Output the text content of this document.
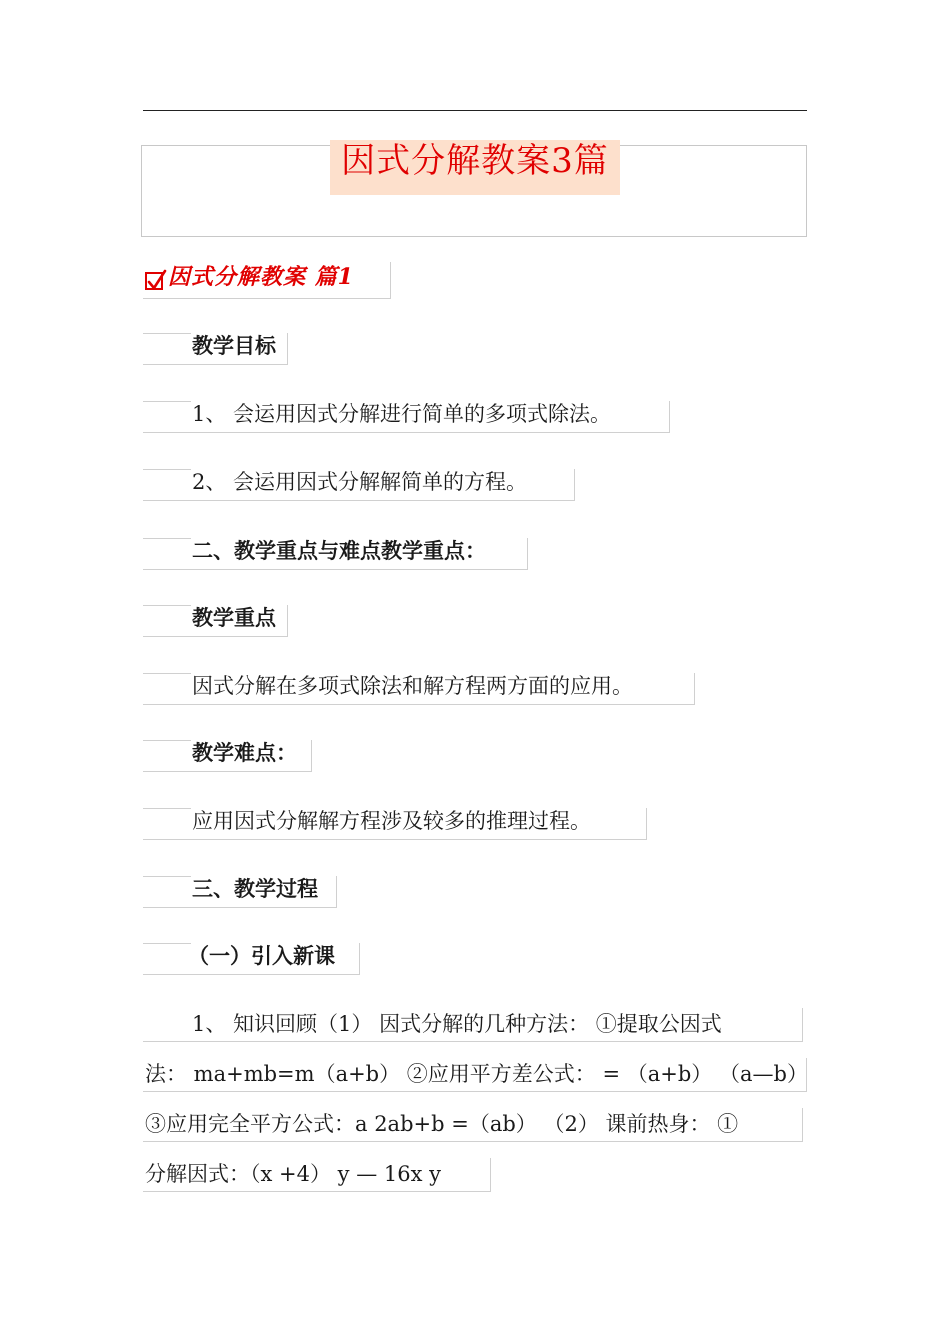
因式分解教案3篇
因式分解教案 篇1
教学目标
1、 会运用因式分解进行简单的多项式除法。
2、 会运用因式分解解简单的方程。
二、教学重点与难点教学重点：
教学重点
因式分解在多项式除法和解方程两方面的应用。
教学难点：
应用因式分解解方程涉及较多的推理过程。
三、教学过程
（一）引入新课
1、 知识回顾（1） 因式分解的几种方法： ①提取公因式
法： ma+mb=m（a+b） ②应用平方差公式： = （a+b） （a—b）
③应用完全平方公式：a 2ab+b =（ab） （2） 课前热身： ①
分解因式：（x +4） y — 16x y
